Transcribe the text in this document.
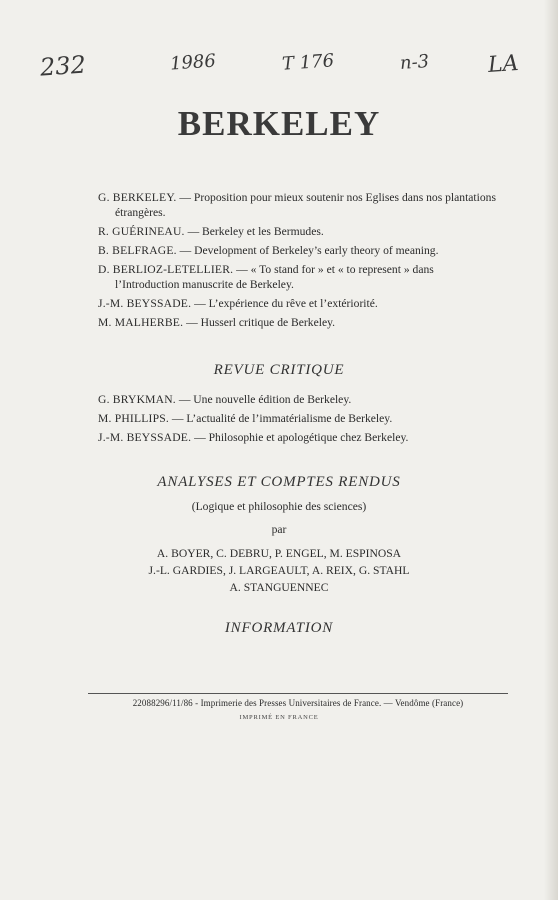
232	1986	T 176	n-3	LA
BERKELEY

G. BERKELEY. — Proposition pour mieux soutenir nos Eglises dans nos plantations étrangères.

R. GUÉRINEAU. — Berkeley et les Bermudes.

B. BELFRAGE. — Development of Berkeley’s early theory of meaning.

D. BERLIOZ-LETELLIER. — « To stand for » et « to represent » dans l’Introduction manuscrite de Berkeley.

J.-M. BEYSSADE. — L’expérience du rêve et l’extériorité.

M. MALHERBE. — Husserl critique de Berkeley.

REVUE CRITIQUE

G. BRYKMAN. — Une nouvelle édition de Berkeley.

M. PHILLIPS. — L’actualité de l’immatérialisme de Berkeley.

J.-M. BEYSSADE. — Philosophie et apologétique chez Berkeley.

ANALYSES ET COMPTES RENDUS
(Logique et philosophie des sciences)
par
A. BOYER, C. DEBRU, P. ENGEL, M. ESPINOSA
J.-L. GARDIES, J. LARGEAULT, A. REIX, G. STAHL
A. STANGUENNEC
INFORMATION
22088296/11/86 - Imprimerie des Presses Universitaires de France. — Vendôme (France)
IMPRIMÉ EN FRANCE
